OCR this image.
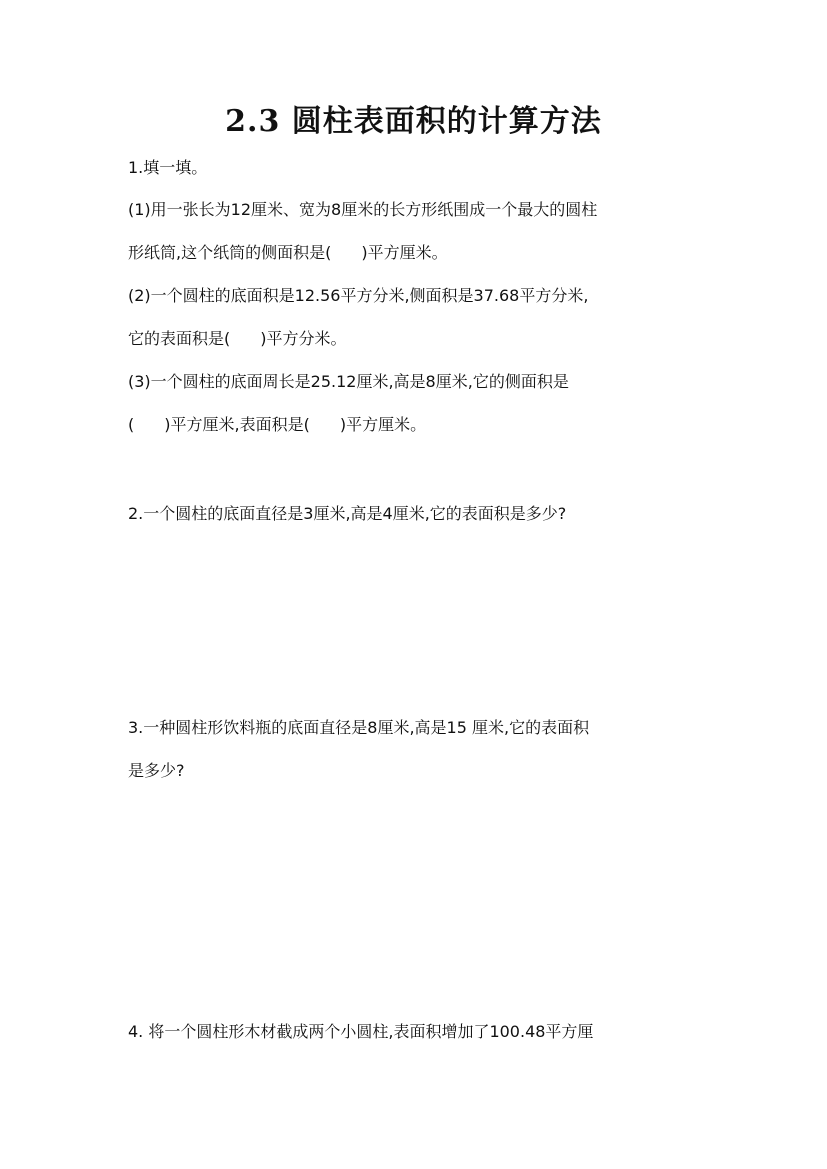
2.3 圆柱表面积的计算方法
1.填一填。
(1)用一张长为12厘米、宽为8厘米的长方形纸围成一个最大的圆柱
形纸筒,这个纸筒的侧面积是( )平方厘米。
(2)一个圆柱的底面积是12.56平方分米,侧面积是37.68平方分米,
它的表面积是( )平方分米。
(3)一个圆柱的底面周长是25.12厘米,高是8厘米,它的侧面积是
( )平方厘米,表面积是( )平方厘米。
2.一个圆柱的底面直径是3厘米,高是4厘米,它的表面积是多少?
3.一种圆柱形饮料瓶的底面直径是8厘米,高是15 厘米,它的表面积
是多少?
4. 将一个圆柱形木材截成两个小圆柱,表面积增加了100.48平方厘
